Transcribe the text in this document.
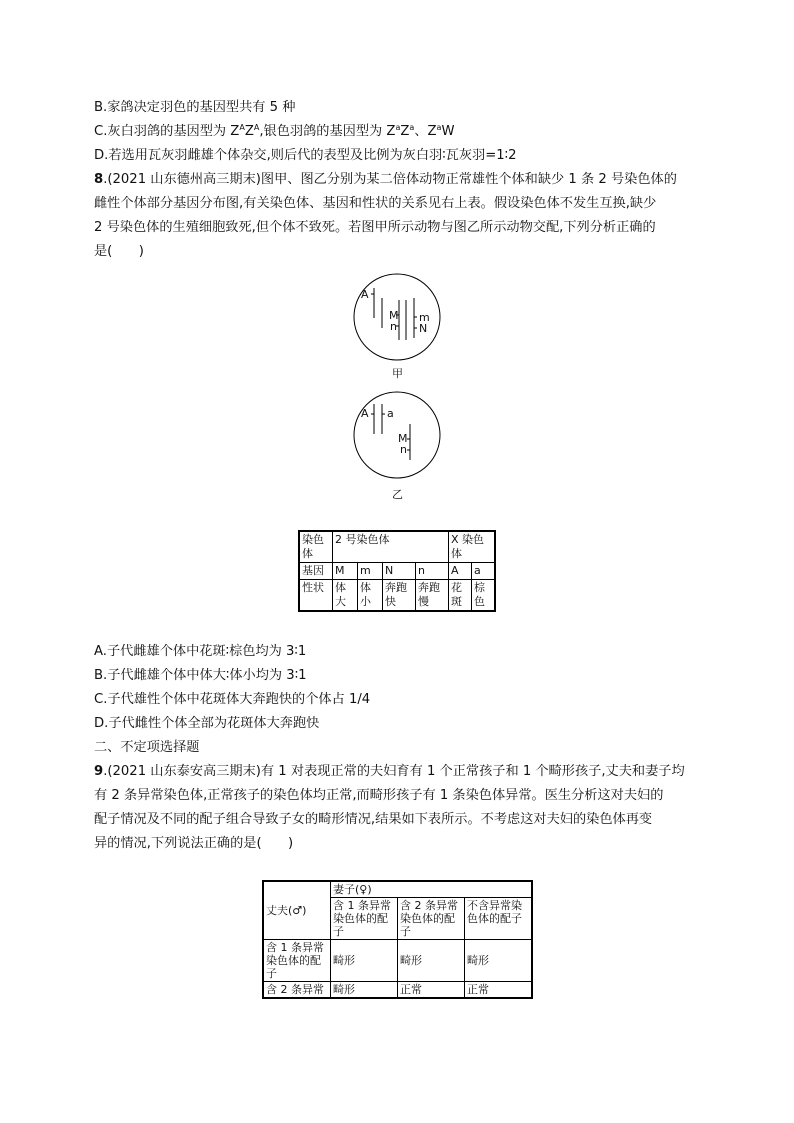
B.家鸽决定羽色的基因型共有 5 种
C.灰白羽鸽的基因型为 $Z^AZ^A$,银色羽鸽的基因型为 $Z^aZ^a$、$Z^aW$
D.若选用瓦灰羽雌雄个体杂交,则后代的表型及比例为灰白羽∶瓦灰羽=1∶2
8.(2021 山东德州高三期末)图甲、图乙分别为某二倍体动物正常雄性个体和缺少 1 条 2 号染色体的
雌性个体部分基因分布图,有关染色体、基因和性状的关系见右上表。假设染色体不发生互换,缺少
2 号染色体的生殖细胞致死,但个体不致死。若图甲所示动物与图乙所示动物交配,下列分析正确的
是(　　)
A
M
n
m
N
甲
A a
M
n
乙
染色体	2 号染色体				X 染色体	
基因	M	m	N	n	A	a
性状	体大	体小	奔跑快	奔跑慢	花斑	棕色
A.子代雌雄个体中花斑∶棕色均为 3∶1
B.子代雌雄个体中体大∶体小均为 3∶1
C.子代雄性个体中花斑体大奔跑快的个体占 1/4
D.子代雌性个体全部为花斑体大奔跑快
二、不定项选择题
9.(2021 山东泰安高三期末)有 1 对表现正常的夫妇育有 1 个正常孩子和 1 个畸形孩子,丈夫和妻子均
有 2 条异常染色体,正常孩子的染色体均正常,而畸形孩子有 1 条染色体异常。医生分析这对夫妇的
配子情况及不同的配子组合导致子女的畸形情况,结果如下表所示。不考虑这对夫妇的染色体再变
异的情况,下列说法正确的是(　　)
丈夫(♂)	妻子(♀)		

	含 1 条异常染色体的配子	含 2 条异常染色体的配子	不含异常染色体的配子

含 1 条异常染色体的配子	畸形	畸形	畸形
含 2 条异常	畸形	正常	正常
